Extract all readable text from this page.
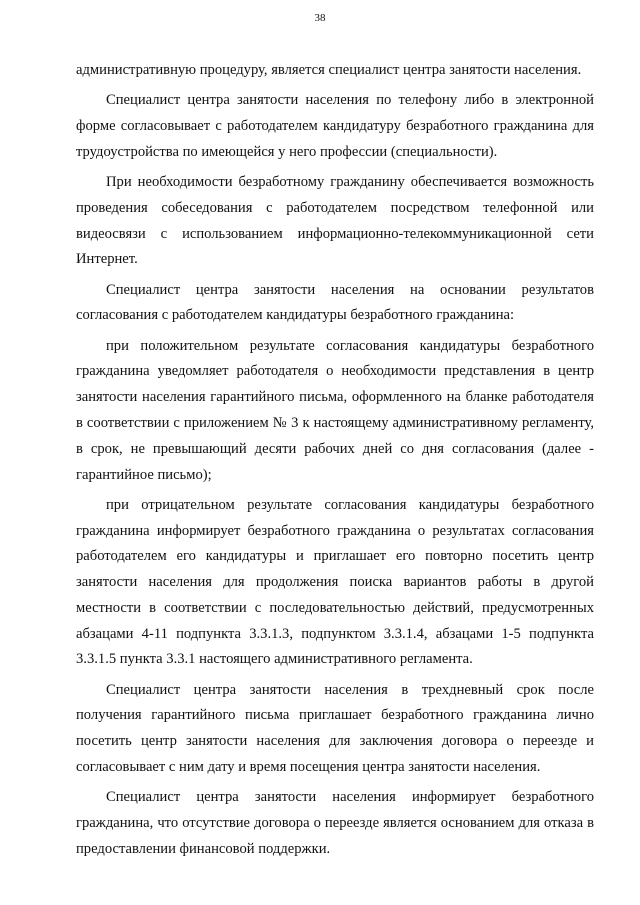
38

административную процедуру, является специалист центра занятости населения.

Специалист центра занятости населения по телефону либо в электронной форме согласовывает с работодателем кандидатуру безработного гражданина для трудоустройства по имеющейся у него профессии (специальности).

При необходимости безработному гражданину обеспечивается возможность проведения собеседования с работодателем посредством телефонной или видеосвязи с использованием информационно-телекоммуникационной сети Интернет.

Специалист центра занятости населения на основании результатов согласования с работодателем кандидатуры безработного гражданина:

при положительном результате согласования кандидатуры безработного гражданина уведомляет работодателя о необходимости представления в центр занятости населения гарантийного письма, оформленного на бланке работодателя в соответствии с приложением № 3 к настоящему административному регламенту, в срок, не превышающий десяти рабочих дней со дня согласования (далее - гарантийное письмо);

при отрицательном результате согласования кандидатуры безработного гражданина информирует безработного гражданина о результатах согласования работодателем его кандидатуры и приглашает его повторно посетить центр занятости населения для продолжения поиска вариантов работы в другой местности в соответствии с последовательностью действий, предусмотренных абзацами 4-11 подпункта 3.3.1.3, подпунктом 3.3.1.4, абзацами 1-5 подпункта 3.3.1.5 пункта 3.3.1 настоящего административного регламента.

Специалист центра занятости населения в трехдневный срок после получения гарантийного письма приглашает безработного гражданина лично посетить центр занятости населения для заключения договора о переезде и согласовывает с ним дату и время посещения центра занятости населения.

Специалист центра занятости населения информирует безработного гражданина, что отсутствие договора о переезде является основанием для отказа в предоставлении финансовой поддержки.
